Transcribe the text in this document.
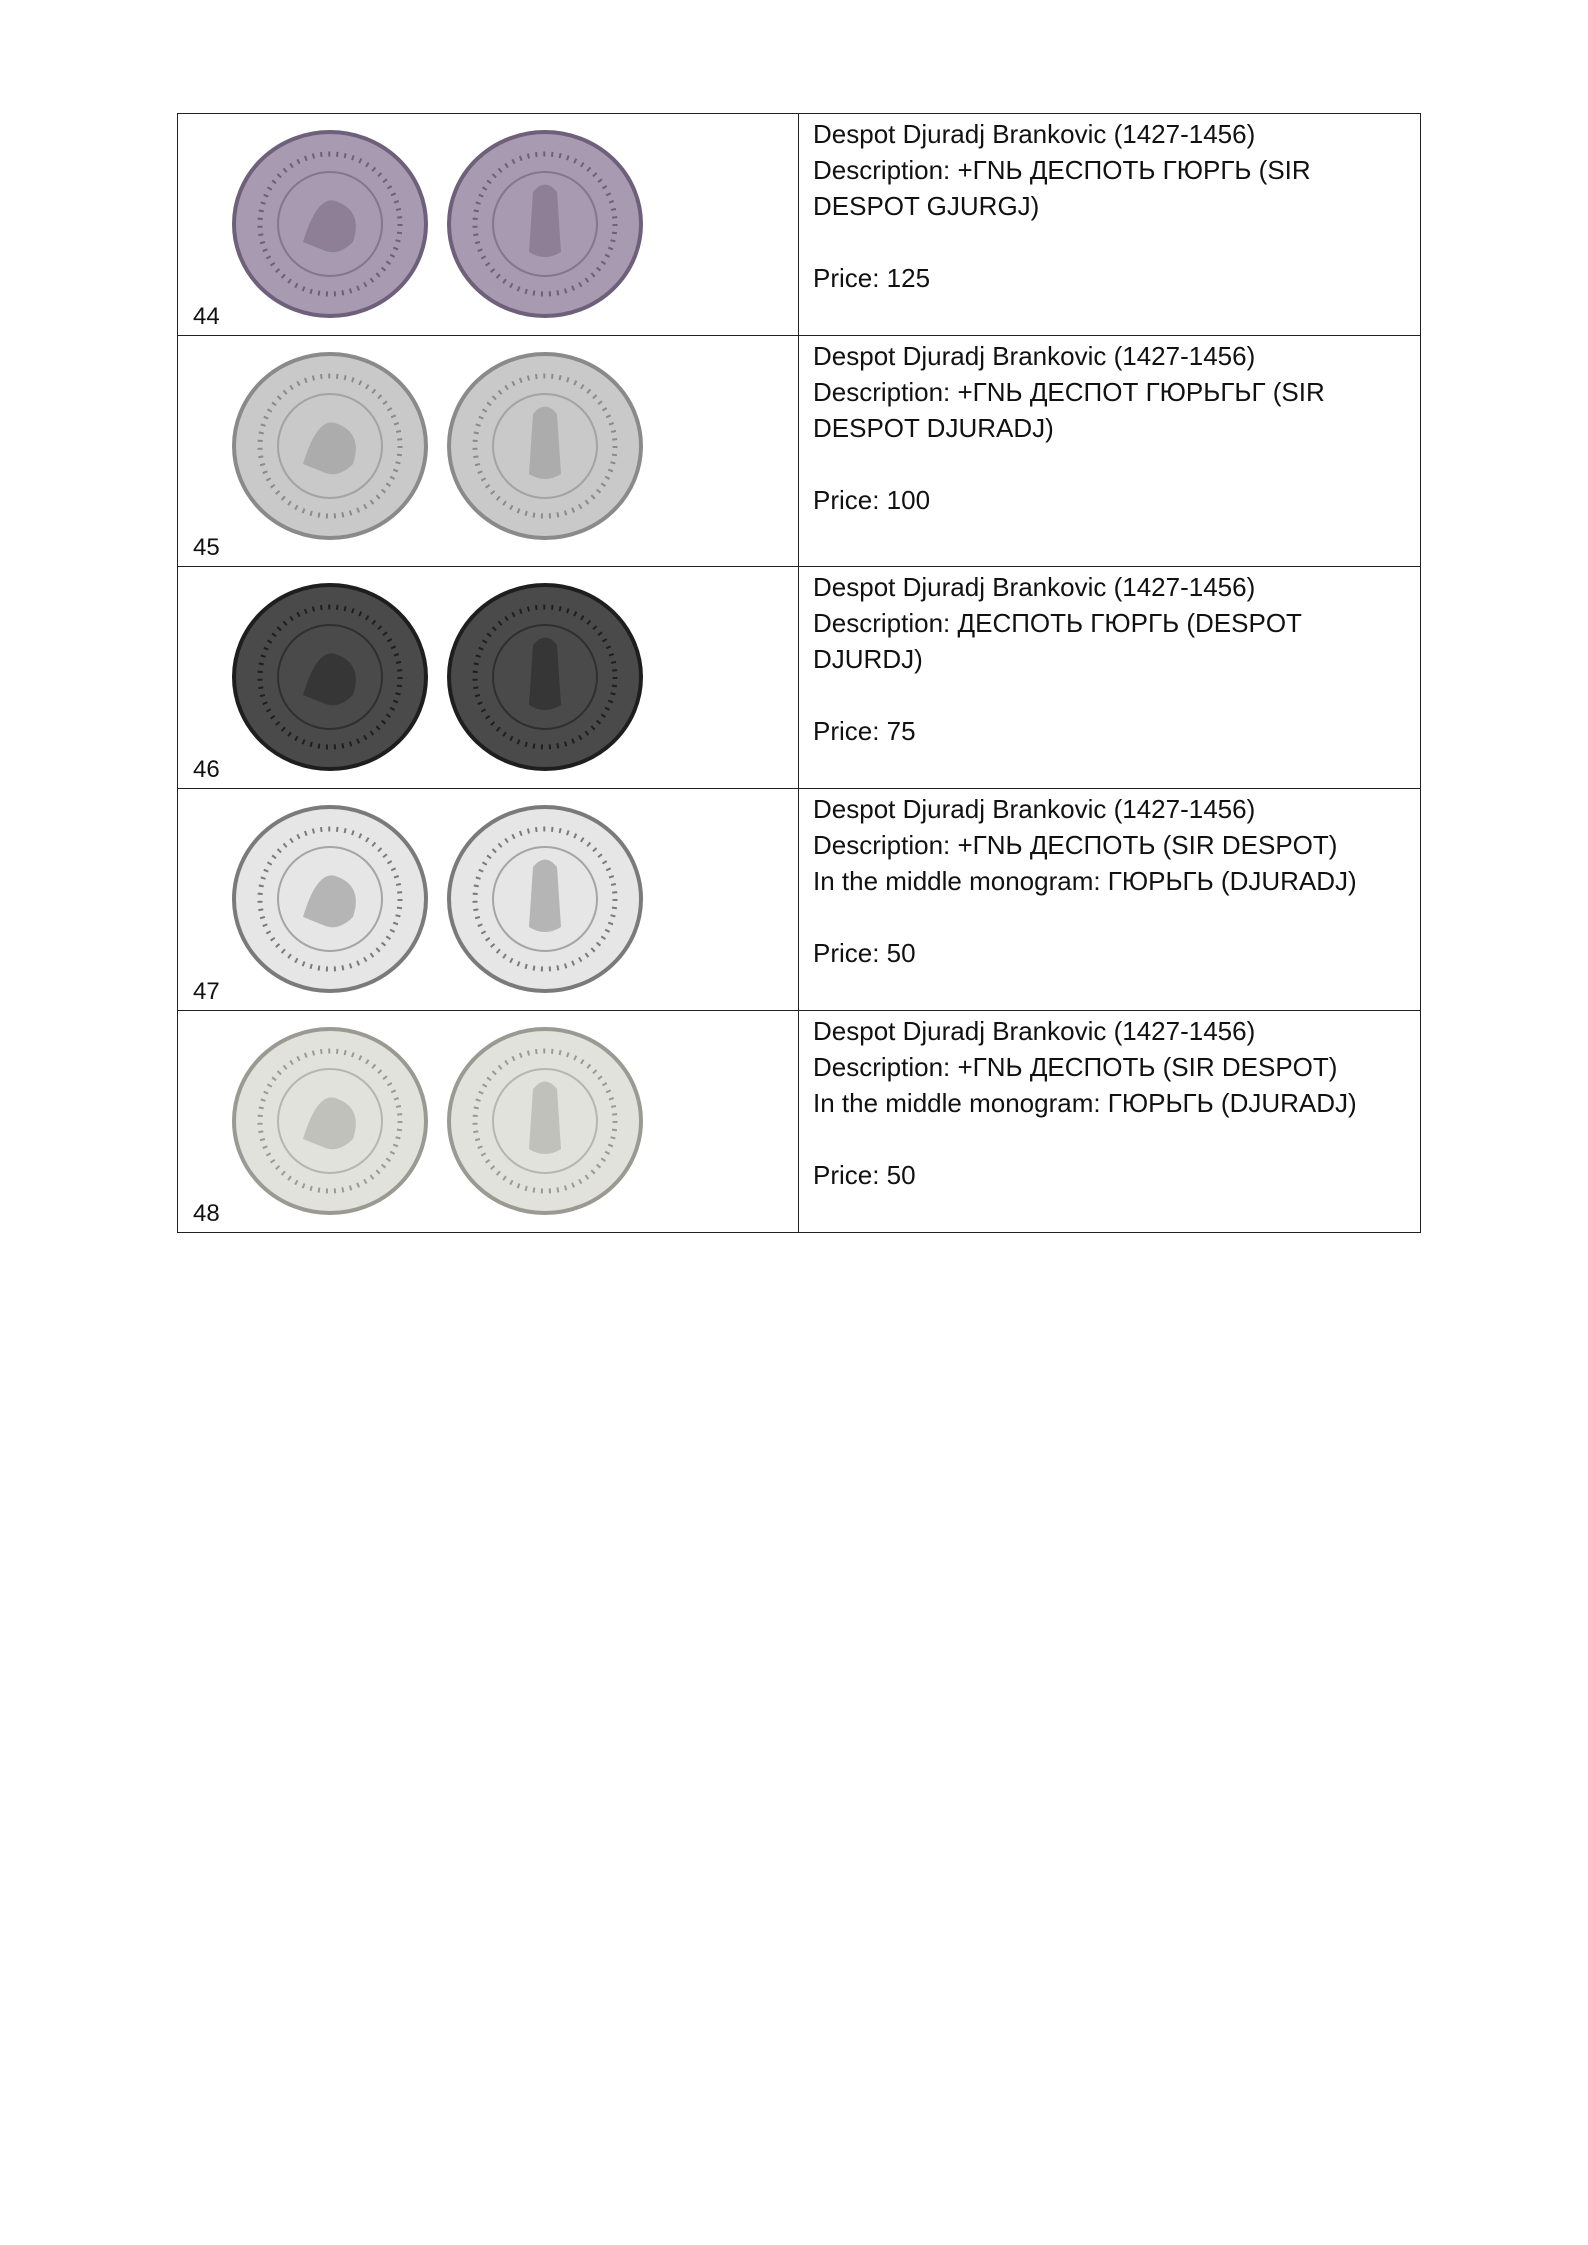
44	Despot Djuradj Brankovic (1427-1456)
Description: +ГNЬ ДЕСПОТЬ ГЮРГЬ (SIR DESPOT GJURGJ)
Price: 125

45	Despot Djuradj Brankovic (1427-1456)
Description: +ГNЬ ДЕСПОТ ГЮРЬГЬГ (SIR DESPOT DJURADJ)
Price: 100

46	Despot Djuradj Brankovic (1427-1456)
Description: ДЕСПОТЬ ГЮРГЬ (DESPOT DJURDJ)
Price: 75

47	Despot Djuradj Brankovic (1427-1456)
Description: +ГNЬ ДЕСПОТЬ (SIR DESPOT)
In the middle monogram: ГЮРЬГЬ (DJURADJ)
Price: 50

48	Despot Djuradj Brankovic (1427-1456)
Description: +ГNЬ ДЕСПОТЬ (SIR DESPOT)
In the middle monogram: ГЮРЬГЬ (DJURADJ)
Price: 50
